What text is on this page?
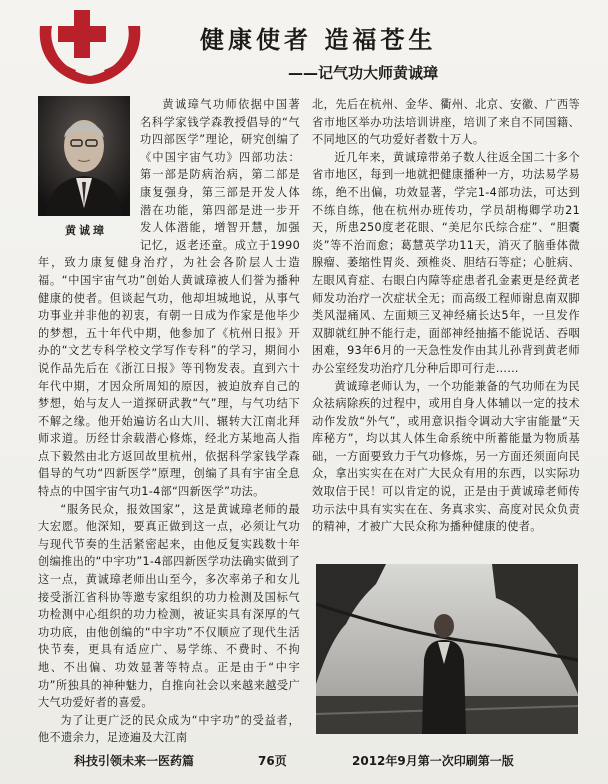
健康使者 造福苍生
——记气功大师黄诚璋
黄诚璋

黄诚璋气功师依据中国著名科学家钱学森教授倡导的“气功四部医学”理论，研究创编了《中国宇宙气功》四部功法：第一部是防病治病，第二部是康复强身，第三部是开发人体潜在功能，第四部是进一步开发人体潜能，增智开慧，加强记忆，返老还童。成立于1990年，致力康复健身治疗，为社会各阶层人士造福。“中国宇宙气功”创始人黄诚璋被人们誉为播种健康的使者。但谈起气功，他却坦城地说，从事气功事业并非他的初衷，有朝一日成为作家是他毕少的梦想，五十年代中期，他参加了《杭州日报》开办的“文艺专科学校文学写作专科”的学习，期间小说作品先后在《浙江日报》等刊物发表。直到六十年代中期，才因众所周知的原因，被迫放弃自己的梦想，始与友人一道探研武教“气”理，与气功结下不解之缘。他开始遍访名山大川、辗转大江南北拜师求道。历经廿余载潜心修炼，经北方某地高人指点下毅然由北方返回故里杭州，依据科学家钱学森倡导的气功“四新医学”原理，创编了具有宇宙全息特点的中国宇宙气功1-4部“四新医学”功法。

“服务民众，报效国家”，这是黄诚璋老师的最大宏愿。他深知，要真正做到这一点，必须让气功与现代节奏的生活紧密起来，由他反复实践数十年创编推出的“中宇功”1-4部四新医学功法确实做到了这一点，黄诚璋老师出山至今，多次率弟子和女儿接受浙江省科协等邀专家组织的功力检测及国标气功检测中心组织的功力检测，被证实具有深厚的气功功底，由他创编的“中宇功”不仅顺应了现代生活快节奏，更具有适应广、易学练、不费时、不拘地、不出偏、功效显著等特点。正是由于“中宇功”所独具的神种魅力，自推向社会以来越来越受广大气功爱好者的喜爱。

为了让更广泛的民众成为“中宇功”的受益者，他不遗余力，足迹遍及大江南

北，先后在杭州、金华、衢州、北京、安徽、广西等省市地区举办功法培训讲座，培训了来自不同国籍、不同地区的气功爱好者数十万人。

近几年来，黄诚璋带弟子数人往返全国二十多个省市地区，每到一地就把健康播种一方，功法易学易练，绝不出偏，功效显著，学完1-4部功法，可达到不练自练，他在杭州办班传功，学员胡梅卿学功21天，所患250度老花眼、“美尼尔氏综合症”、“胆囊炎”等不治而愈；葛慧英学功11天，消灭了脑垂体微腺瘤、萎缩性胃炎、颈椎炎、胆结石等症；心脏病、左眼风育症、右眼白内障等症患者孔金素更是经黄老师发功治疗一次症状全无；而高级工程师谢息南双脚类风湿痛风、左面颊三叉神经痛长达5年，一旦发作双脚就红肿不能行走，面部神经抽搐不能说话、吞咽困难，93年6月的一天急性发作由其儿孙背到黄老师办公室经发功治疗几分种后即可行走……

黄诚璋老师认为，一个功能兼备的气功师在为民众祛病除疾的过程中，或用自身人体辅以一定的技术动作发放“外气”，或用意识指令调动大宇宙能量“天库秘方”，均以其人体生命系统中所蓄能量为物质基础，一方面要致力于气功修炼，另一方面还须面向民众，拿出实实在在对广大民众有用的东西，以实际功效取信于民！可以肯定的说，正是由于黄诚璋老师传功示法中具有实实在在、务真求实、高度对民众负责的精神，才被广大民众称为播种健康的使者。

科技引领未来一医药篇	76页	2012年9月第一次印刷第一版
